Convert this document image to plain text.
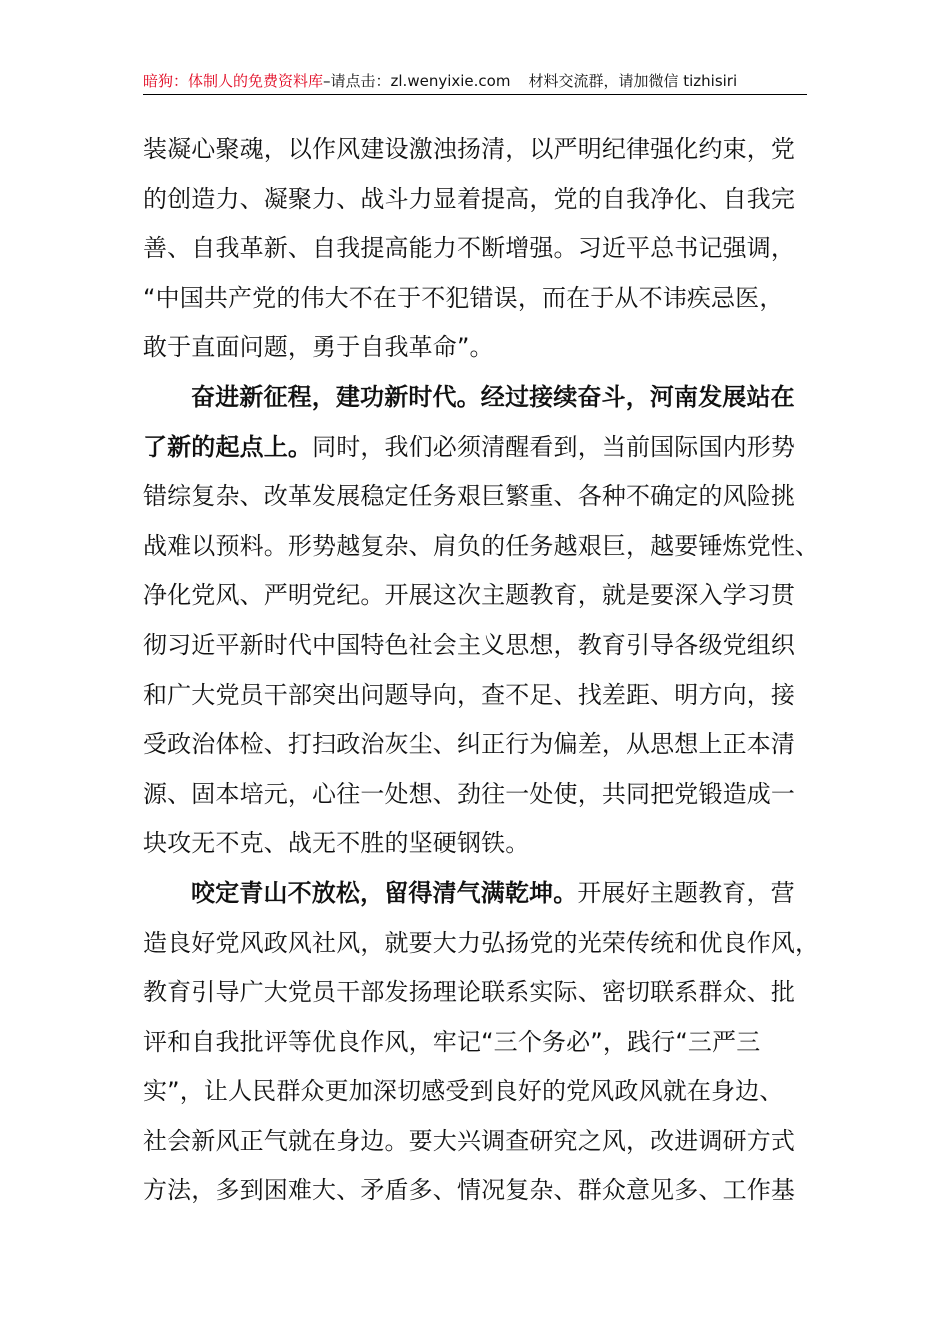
暗狗：体制人的免费资料库–请点击：zl.wenyixie.com 材料交流群，请加微信 tizhisiri
装凝心聚魂，以作风建设激浊扬清，以严明纪律强化约束，党
的创造力、凝聚力、战斗力显着提高，党的自我净化、自我完
善、自我革新、自我提高能力不断增强。习近平总书记强调，
“中国共产党的伟大不在于不犯错误，而在于从不讳疾忌医，
敢于直面问题，勇于自我革命”。
奋进新征程，建功新时代。经过接续奋斗，河南发展站在
了新的起点上。同时，我们必须清醒看到，当前国际国内形势
错综复杂、改革发展稳定任务艰巨繁重、各种不确定的风险挑
战难以预料。形势越复杂、肩负的任务越艰巨，越要锤炼党性、
净化党风、严明党纪。开展这次主题教育，就是要深入学习贯
彻习近平新时代中国特色社会主义思想，教育引导各级党组织
和广大党员干部突出问题导向，查不足、找差距、明方向，接
受政治体检、打扫政治灰尘、纠正行为偏差，从思想上正本清
源、固本培元，心往一处想、劲往一处使，共同把党锻造成一
块攻无不克、战无不胜的坚硬钢铁。
咬定青山不放松，留得清气满乾坤。开展好主题教育，营
造良好党风政风社风，就要大力弘扬党的光荣传统和优良作风，
教育引导广大党员干部发扬理论联系实际、密切联系群众、批
评和自我批评等优良作风，牢记“三个务必”，践行“三严三
实”，让人民群众更加深切感受到良好的党风政风就在身边、
社会新风正气就在身边。要大兴调查研究之风，改进调研方式
方法，多到困难大、矛盾多、情况复杂、群众意见多、工作基
